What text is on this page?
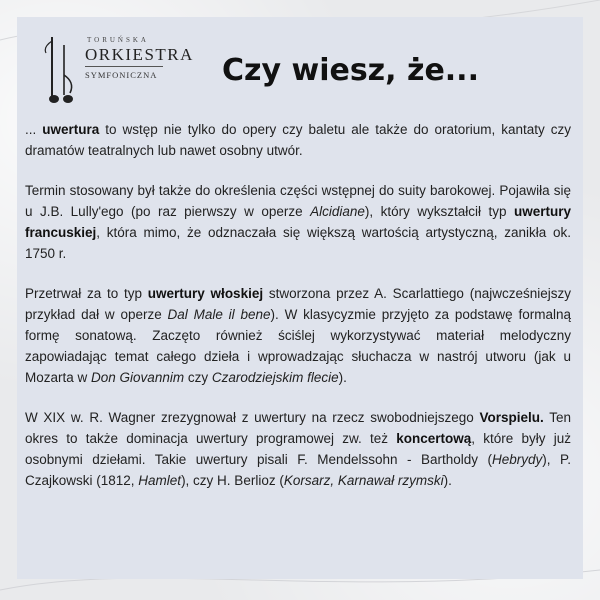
TORUŃSKA
ORKIESTRA
SYMFONICZNA Czy wiesz, że...

... uwertura to wstęp nie tylko do opery czy baletu ale także do oratorium, kantaty czy dramatów teatralnych lub nawet osobny utwór.

Termin stosowany był także do określenia części wstępnej do suity barokowej. Pojawiła się u J.B. Lully'ego (po raz pierwszy w operze Alcidiane), który wykształcił typ uwertury francuskiej, która mimo, że odznaczała się większą wartością artystyczną, zanikła ok. 1750 r.

Przetrwał za to typ uwertury włoskiej stworzona przez A. Scarlattiego (najwcześniejszy przykład dał w operze Dal Male il bene). W klasycyzmie przyjęto za podstawę formalną formę sonatową. Zaczęto również ściślej wykorzystywać materiał melodyczny zapowiadając temat całego dzieła i wprowadzając słuchacza w nastrój utworu (jak u Mozarta w Don Giovannim czy Czarodziejskim flecie).

W XIX w. R. Wagner zrezygnował z uwertury na rzecz swobodniejszego Vorspielu. Ten okres to także dominacja uwertury programowej zw. też koncertową, które były już osobnymi dziełami. Takie uwertury pisali F. Mendelssohn - Bartholdy (Hebrydy), P. Czajkowski (1812, Hamlet), czy H. Berlioz (Korsarz, Karnawał rzymski).
